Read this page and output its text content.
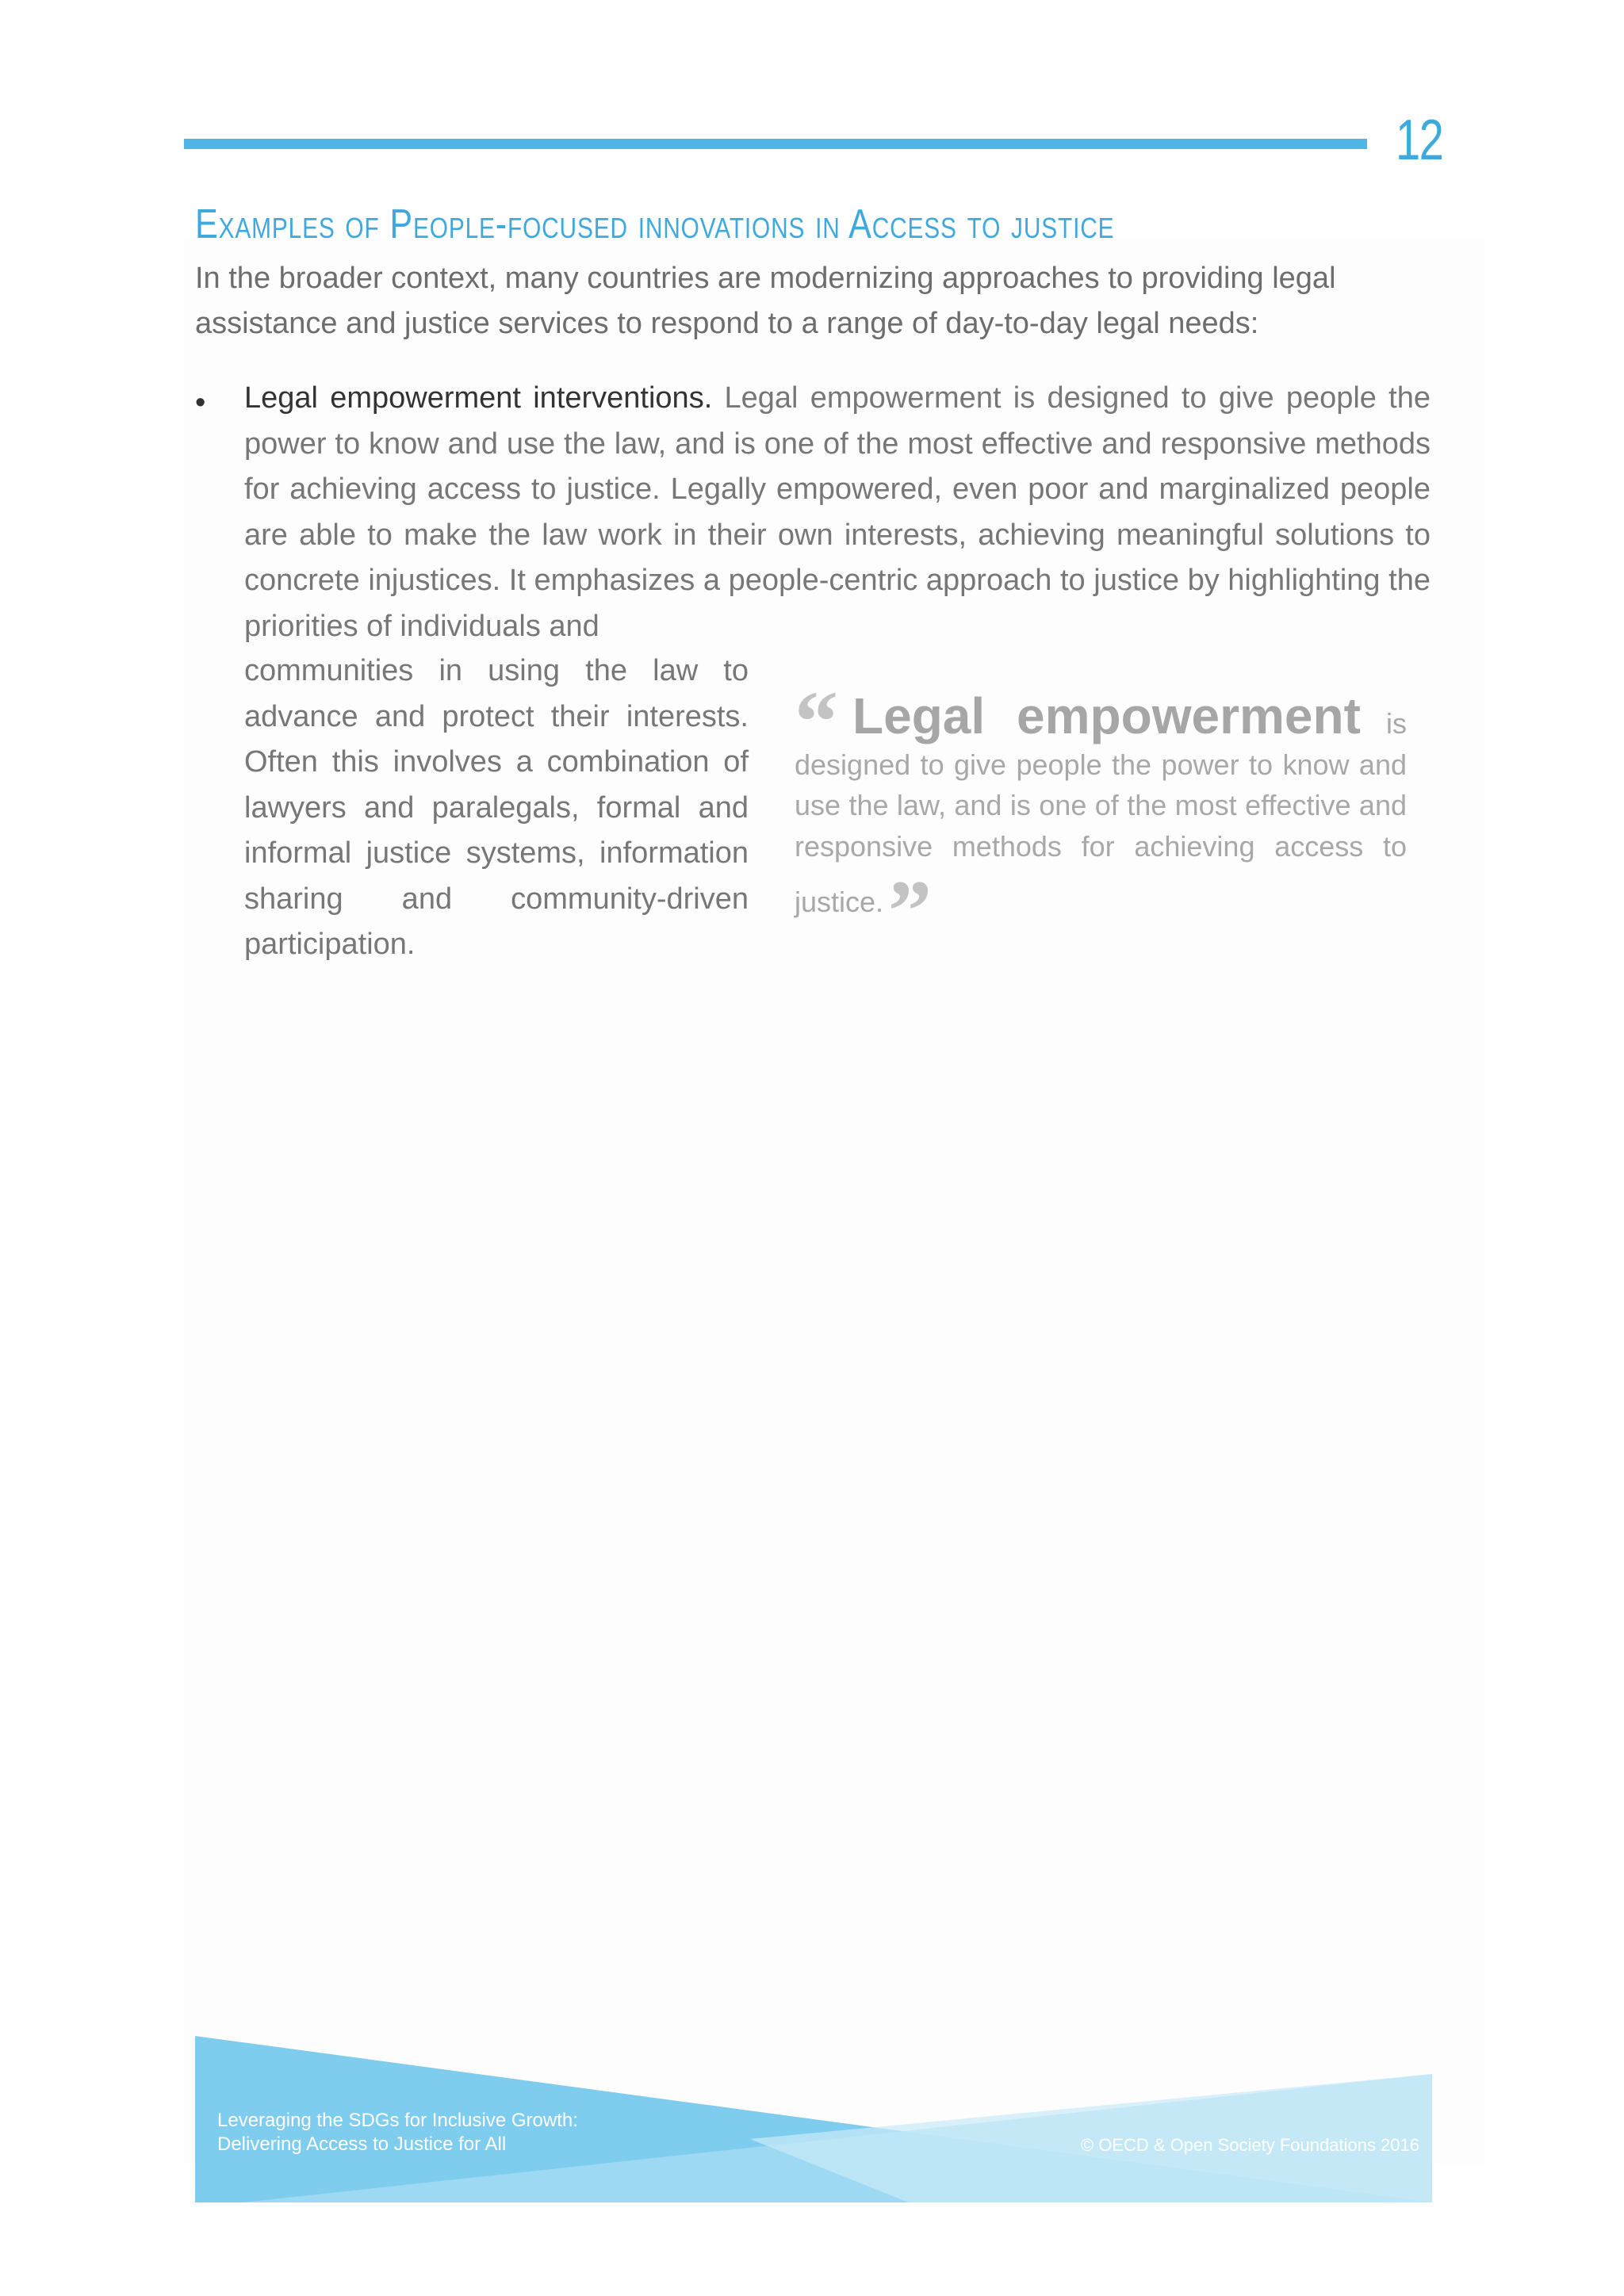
12
Examples of People-focused innovations in Access to justice

In the broader context, many countries are modernizing approaches to providing legal assistance and justice services to respond to a range of day-to-day legal needs:

• Legal empowerment interventions. Legal empowerment is designed to give people the power to know and use the law, and is one of the most effective and responsive methods for achieving access to justice. Legally empowered, even poor and marginalized people are able to make the law work in their own interests, achieving meaningful solutions to concrete injustices. It emphasizes a people-centric approach to justice by highlighting the priorities of individuals and

communities in using the law to advance and protect their interests. Often this involves a combination of lawyers and paralegals, formal and informal justice systems, information sharing and community-driven participation.

“ Legal empowerment is designed to give people the power to know and use the law, and is one of the most effective and responsive methods for achieving access to justice.”
Leveraging the SDGs for Inclusive Growth:
Delivering Access to Justice for All	© OECD & Open Society Foundations 2016
